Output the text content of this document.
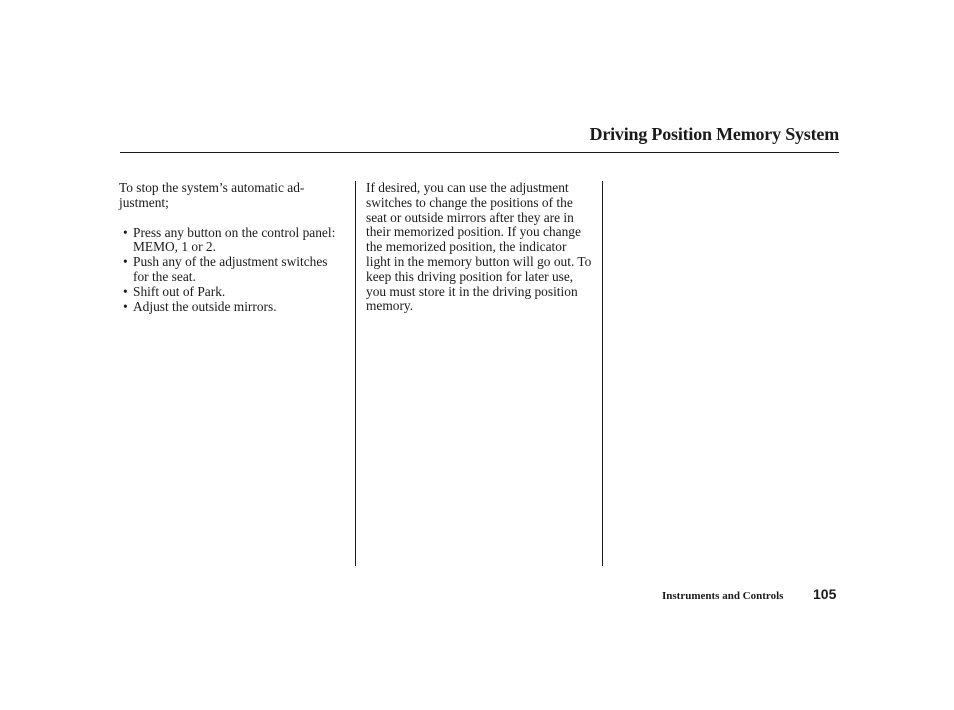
Driving Position Memory System

To stop the system’s automatic ad-justment;

• Press any button on the control panel: MEMO, 1 or 2.
• Push any of the adjustment switches for the seat.
• Shift out of Park.
• Adjust the outside mirrors.

If desired, you can use the adjustment switches to change the positions of the seat or outside mirrors after they are in their memorized position. If you change the memorized position, the indicator light in the memory button will go out. To keep this driving position for later use, you must store it in the driving position memory.

Instruments and Controls 105
